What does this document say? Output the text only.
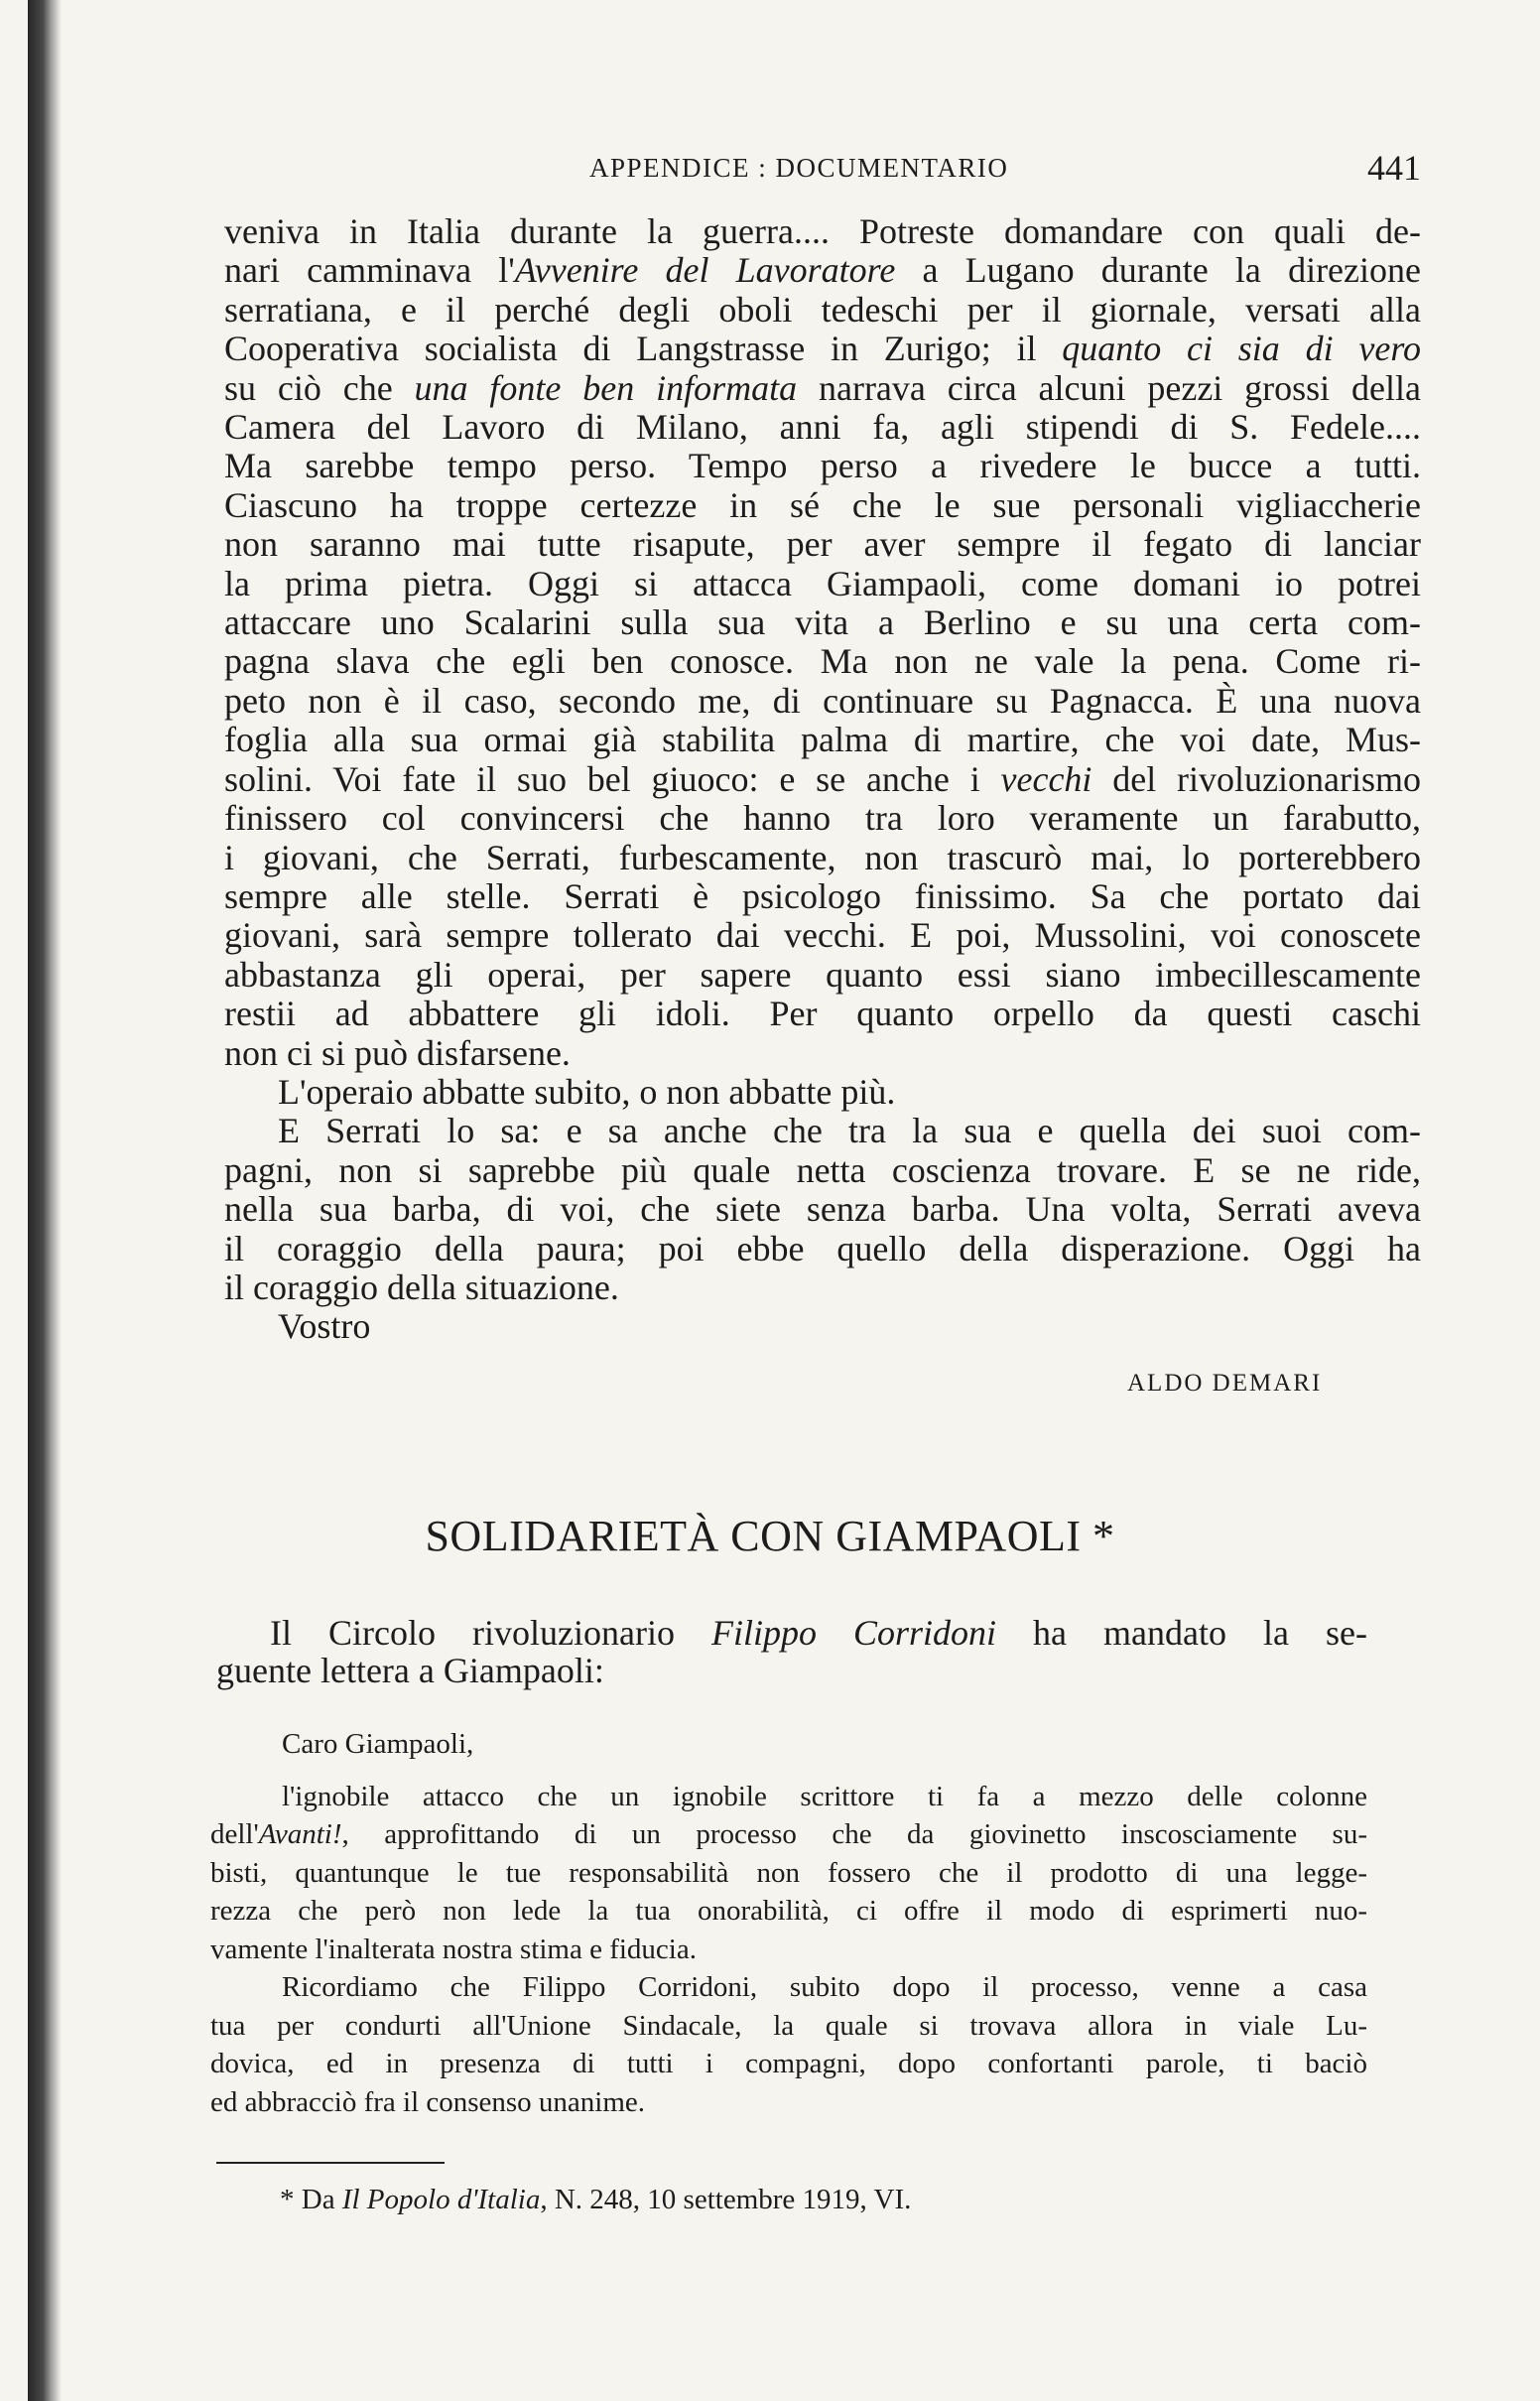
APPENDICE : DOCUMENTARIO	441

veniva in Italia durante la guerra.... Potreste domandare con quali de-

nari camminava l'Avvenire del Lavoratore a Lugano durante la direzione

serratiana, e il perché degli oboli tedeschi per il giornale, versati alla

Cooperativa socialista di Langstrasse in Zurigo; il quanto ci sia di vero

su ciò che una fonte ben informata narrava circa alcuni pezzi grossi della

Camera del Lavoro di Milano, anni fa, agli stipendi di S. Fedele....

Ma sarebbe tempo perso. Tempo perso a rivedere le bucce a tutti.

Ciascuno ha troppe certezze in sé che le sue personali vigliaccherie

non saranno mai tutte risapute, per aver sempre il fegato di lanciar

la prima pietra. Oggi si attacca Giampaoli, come domani io potrei

attaccare uno Scalarini sulla sua vita a Berlino e su una certa com-

pagna slava che egli ben conosce. Ma non ne vale la pena. Come ri-

peto non è il caso, secondo me, di continuare su Pagnacca. È una nuova

foglia alla sua ormai già stabilita palma di martire, che voi date, Mus-

solini. Voi fate il suo bel giuoco: e se anche i vecchi del rivoluzionarismo

finissero col convincersi che hanno tra loro veramente un farabutto,

i giovani, che Serrati, furbescamente, non trascurò mai, lo porterebbero

sempre alle stelle. Serrati è psicologo finissimo. Sa che portato dai

giovani, sarà sempre tollerato dai vecchi. E poi, Mussolini, voi conoscete

abbastanza gli operai, per sapere quanto essi siano imbecillescamente

restii ad abbattere gli idoli. Per quanto orpello da questi caschi

non ci si può disfarsene.

L'operaio abbatte subito, o non abbatte più.

E Serrati lo sa: e sa anche che tra la sua e quella dei suoi com-

pagni, non si saprebbe più quale netta coscienza trovare. E se ne ride,

nella sua barba, di voi, che siete senza barba. Una volta, Serrati aveva

il coraggio della paura; poi ebbe quello della disperazione. Oggi ha

il coraggio della situazione.

Vostro

ALDO DEMARI
SOLIDARIETÀ CON GIAMPAOLI *

Il Circolo rivoluzionario Filippo Corridoni ha mandato la se-

guente lettera a Giampaoli:

Caro Giampaoli,

l'ignobile attacco che un ignobile scrittore ti fa a mezzo delle colonne

dell'Avanti!, approfittando di un processo che da giovinetto inscosciamente su-

bisti, quantunque le tue responsabilità non fossero che il prodotto di una legge-

rezza che però non lede la tua onorabilità, ci offre il modo di esprimerti nuo-

vamente l'inalterata nostra stima e fiducia.

Ricordiamo che Filippo Corridoni, subito dopo il processo, venne a casa

tua per condurti all'Unione Sindacale, la quale si trovava allora in viale Lu-

dovica, ed in presenza di tutti i compagni, dopo confortanti parole, ti baciò

ed abbracciò fra il consenso unanime.

* Da Il Popolo d'Italia, N. 248, 10 settembre 1919, VI.
